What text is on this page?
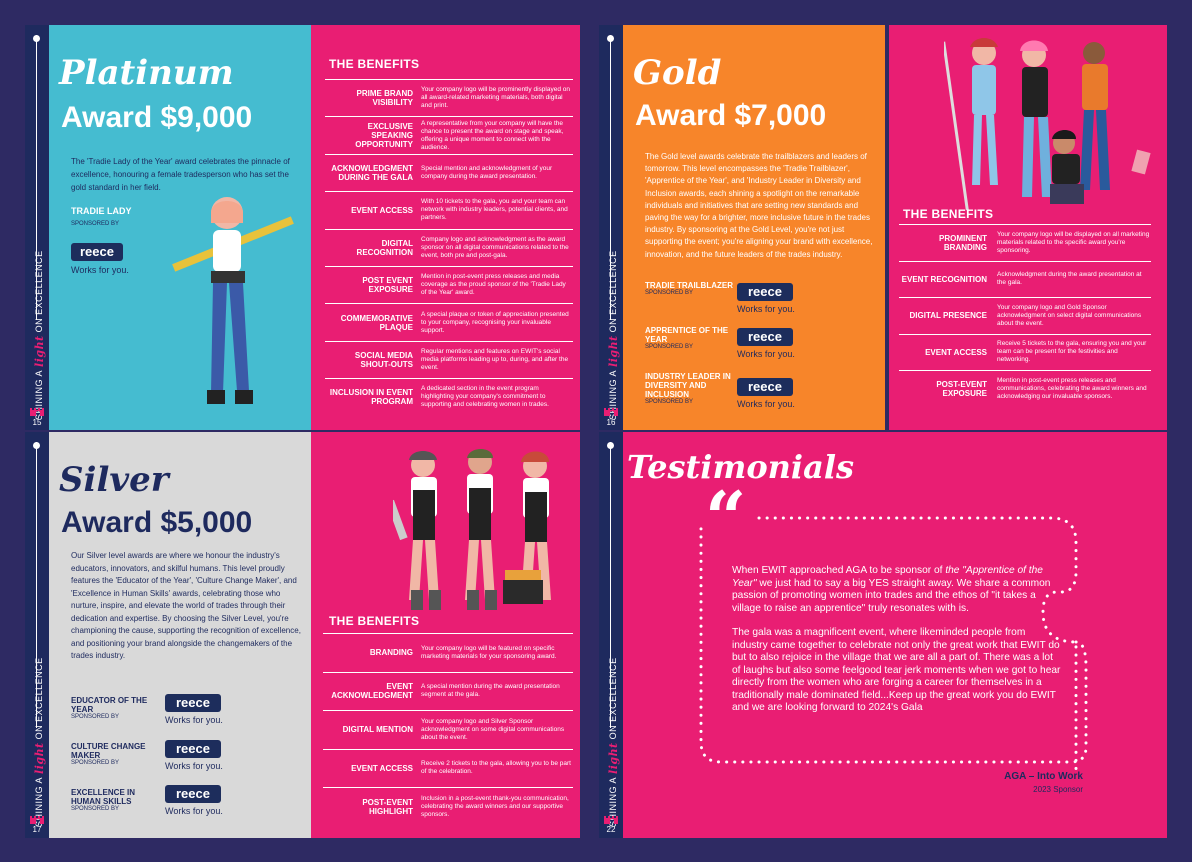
SHINING A
light
ON EXCELLENCE
15
Platinum
Award $9,000
The 'Tradie Lady of the Year' award celebrates the pinnacle of excellence, honouring a female tradesperson who has set the gold standard in her field.
TRADIE LADY
SPONSORED BY
reece
Works for you.
THE BENEFITS
PRIME BRAND VISIBILITY
Your company logo will be prominently displayed on all award-related marketing materials, both digital and print.
EXCLUSIVE SPEAKING OPPORTUNITY
A representative from your company will have the chance to present the award on stage and speak, offering a unique moment to connect with the audience.
ACKNOWLEDGMENT DURING THE GALA
Special mention and acknowledgment of your company during the award presentation.
EVENT ACCESS
With 10 tickets to the gala, you and your team can network with industry leaders, potential clients, and partners.
DIGITAL RECOGNITION
Company logo and acknowledgment as the award sponsor on all digital communications related to the event, both pre and post-gala.
POST EVENT EXPOSURE
Mention in post-event press releases and media coverage as the proud sponsor of the 'Tradie Lady of the Year' award.
COMMEMORATIVE PLAQUE
A special plaque or token of appreciation presented to your company, recognising your invaluable support.
SOCIAL MEDIA SHOUT-OUTS
Regular mentions and features on EWIT's social media platforms leading up to, during, and after the event.
INCLUSION IN EVENT PROGRAM
A dedicated section in the event program highlighting your company's commitment to supporting and celebrating women in trades.	SHINING A
light
ON EXCELLENCE
16
Gold
Award $7,000
The Gold level awards celebrate the trailblazers and leaders of tomorrow. This level encompasses the 'Tradie Trailblazer', 'Apprentice of the Year', and 'Industry Leader in Diversity and Inclusion awards, each shining a spotlight on the remarkable individuals and initiatives that are setting new standards and paving the way for a brighter, more inclusive future in the trades industry. By sponsoring at the Gold Level, you're not just supporting the event; you're aligning your brand with excellence, innovation, and the future leaders of the trades industry.
TRADIE TRAILBLAZER
SPONSORED BY	reece
Works for you.
APPRENTICE OF THE YEAR
SPONSORED BY
reece
Works for you.
INDUSTRY LEADER IN DIVERSITY AND INCLUSION
SPONSORED BY
reece
Works for you.
THE BENEFITS
PROMINENT BRANDING
Your company logo will be displayed on all marketing materials related to the specific award you're sponsoring.
EVENT RECOGNITION Acknowledgment during the award presentation at the gala.
DIGITAL PRESENCE
Your company logo and Gold Sponsor acknowledgment on select digital communications about the event.
EVENT ACCESS
Receive 5 tickets to the gala, ensuring you and your team can be present for the festivities and networking.
POST-EVENT EXPOSURE
Mention in post-event press releases and communications, celebrating the award winners and acknowledging our invaluable sponsors.
SHINING A
light
ON EXCELLENCE
17
Silver
Award $5,000
Our Silver level awards are where we honour the industry's educators, innovators, and skilful humans. This level proudly features the 'Educator of the Year', 'Culture Change Maker', and 'Excellence in Human Skills' awards, celebrating those who nurture, inspire, and elevate the world of trades through their dedication and expertise. By choosing the Silver Level, you're championing the cause, supporting the recognition of excellence, and positioning your brand alongside the changemakers of the trades industry.
EDUCATOR OF THE YEAR
SPONSORED BY
reece
Works for you.
CULTURE CHANGE MAKER
SPONSORED BY
reece
Works for you.
EXCELLENCE IN HUMAN SKILLS
SPONSORED BY
reece
Works for you.
THE BENEFITS
BRANDING Your company logo will be featured on specific marketing materials for your sponsoring award.
EVENT ACKNOWLEDGMENT
A special mention during the award presentation segment at the gala.
DIGITAL MENTION
Your company logo and Silver Sponsor acknowledgment on some digital communications about the event.
EVENT ACCESS Receive 2 tickets to the gala, allowing you to be part of the celebration.
POST-EVENT HIGHLIGHT
Inclusion in a post-event thank-you communication, celebrating the award winners and our supportive sponsors.	SHINING A
light
ON EXCELLENCE
22
Testimonials
“

When EWIT approached AGA to be sponsor of the "Apprentice of the Year" we just had to say a big YES straight away. We share a common passion of promoting women into trades and the ethos of "it takes a village to raise an apprentice" truly resonates with is.

The gala was a magnificent event, where likeminded people from industry came together to celebrate not only the great work that EWIT do but to also rejoice in the village that we are all a part of. There was a lot of laughs but also some feelgood tear jerk moments when we got to hear directly from the women who are forging a career for themselves in a traditionally male dominated field...Keep up the great work you do EWIT and we are looking forward to 2024's Gala

AGA – Into Work
2023 Sponsor
